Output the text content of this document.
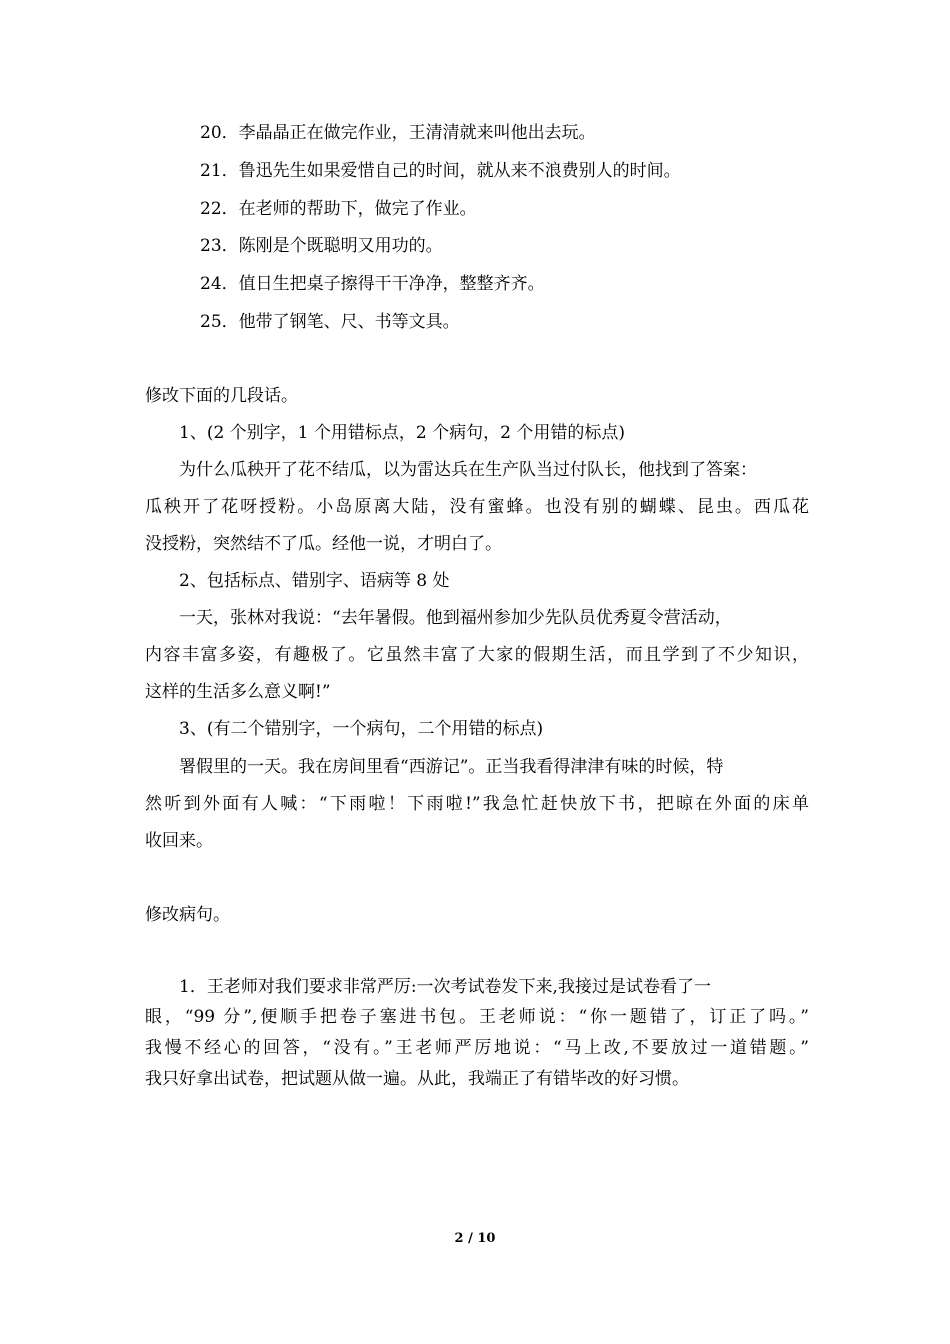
20．李晶晶正在做完作业，王清清就来叫他出去玩。
21．鲁迅先生如果爱惜自己的时间，就从来不浪费别人的时间。
22．在老师的帮助下，做完了作业。
23．陈刚是个既聪明又用功的。
24．值日生把桌子擦得干干净净，整整齐齐。
25．他带了钢笔、尺、书等文具。
修改下面的几段话。
1、(2 个别字，1 个用错标点，2 个病句，2 个用错的标点)
为什么瓜秧开了花不结瓜，以为雷达兵在生产队当过付队长，他找到了答案：
瓜秧开了花呀授粉。小岛原离大陆，没有蜜蜂。也没有别的蝴蝶、昆虫。西瓜花
没授粉，突然结不了瓜。经他一说，才明白了。
2、包括标点、错别字、语病等 8 处
一天，张林对我说：“去年暑假。他到福州参加少先队员优秀夏令营活动，
内容丰富多姿，有趣极了。它虽然丰富了大家的假期生活，而且学到了不少知识，
这样的生活多么意义啊!”
3、(有二个错别字，一个病句，二个用错的标点)
署假里的一天。我在房间里看“西游记”。正当我看得津津有味的时候，特
然听到外面有人喊：“下雨啦！下雨啦!”我急忙赶快放下书，把晾在外面的床单
收回来。
修改病句。
1．王老师对我们要求非常严厉:一次考试卷发下来,我接过是试卷看了一
眼，“99 分”,便顺手把卷子塞进书包。王老师说：“你一题错了，订正了吗。”
我慢不经心的回答，“没有。”王老师严厉地说：“马上改,不要放过一道错题。”
我只好拿出试卷，把试题从做一遍。从此，我端正了有错毕改的好习惯。
2 / 10
